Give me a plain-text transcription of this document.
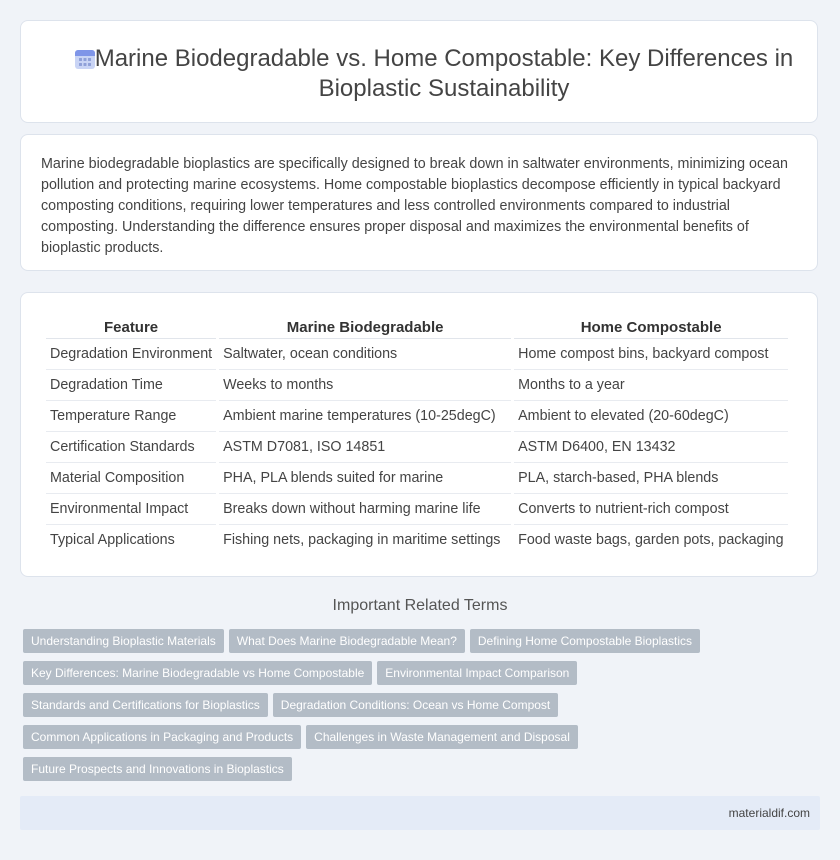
Marine Biodegradable vs. Home Compostable: Key Differences in Bioplastic Sustainability

Marine biodegradable bioplastics are specifically designed to break down in saltwater environments, minimizing ocean pollution and protecting marine ecosystems. Home compostable bioplastics decompose efficiently in typical backyard composting conditions, requiring lower temperatures and less controlled environments compared to industrial composting. Understanding the difference ensures proper disposal and maximizes the environmental benefits of bioplastic products.

Feature	Marine Biodegradable	Home Compostable
Degradation Environment	Saltwater, ocean conditions	Home compost bins, backyard compost
Degradation Time	Weeks to months	Months to a year
Temperature Range	Ambient marine temperatures (10-25degC)	Ambient to elevated (20-60degC)
Certification Standards	ASTM D7081, ISO 14851	ASTM D6400, EN 13432
Material Composition	PHA, PLA blends suited for marine	PLA, starch-based, PHA blends
Environmental Impact	Breaks down without harming marine life	Converts to nutrient-rich compost
Typical Applications	Fishing nets, packaging in maritime settings	Food waste bags, garden pots, packaging
Important Related Terms
Understanding Bioplastic Materials What Does Marine Biodegradable Mean? Defining Home Compostable Bioplastics
Key Differences: Marine Biodegradable vs Home Compostable Environmental Impact Comparison
Standards and Certifications for Bioplastics Degradation Conditions: Ocean vs Home Compost
Common Applications in Packaging and Products Challenges in Waste Management and Disposal
Future Prospects and Innovations in Bioplastics
materialdif.com
